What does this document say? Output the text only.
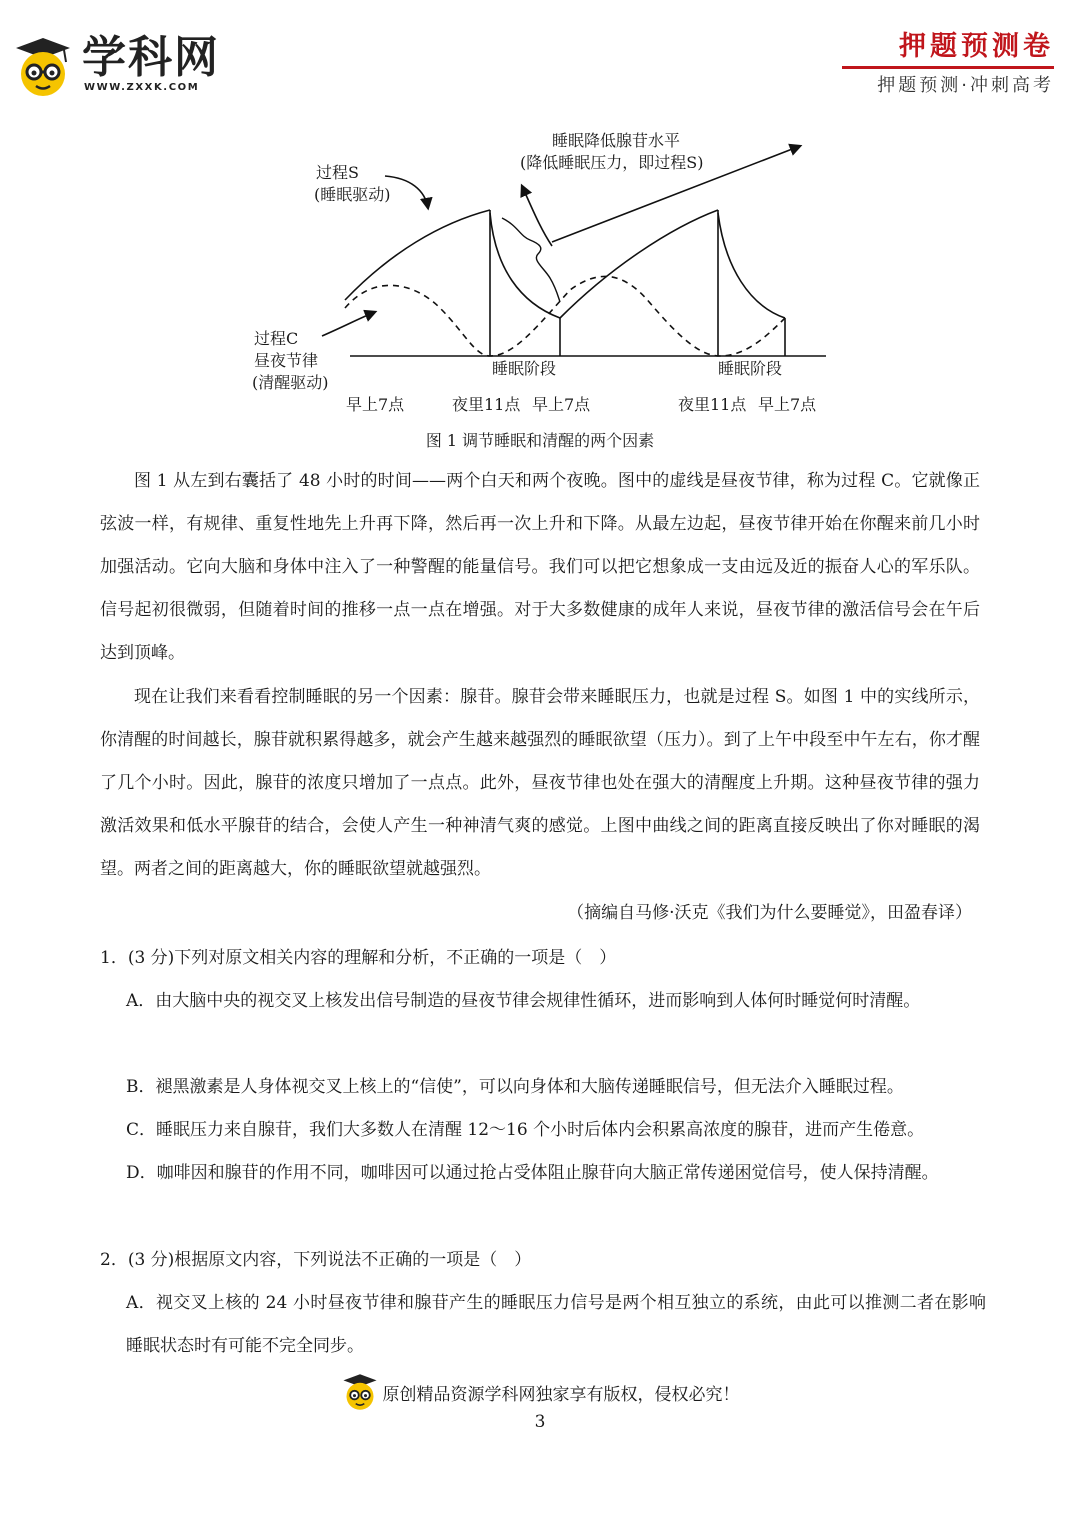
学科网
WWW.ZXXK.COM
押题预测卷
押题预测·冲刺高考
过程S
(睡眠驱动)
睡眠降低腺苷水平
(降低睡眠压力，即过程S)
过程C
昼夜节律
(清醒驱动)
睡眠阶段	睡眠阶段
早上7点	夜里11点 早上7点	夜里11点 早上7点
图 1 调节睡眠和清醒的两个因素
图 1 从左到右囊括了 48 小时的时间——两个白天和两个夜晚。图中的虚线是昼夜节律，称为过程 C。它就像正弦波一样，有规律、重复性地先上升再下降，然后再一次上升和下降。从最左边起，昼夜节律开始在你醒来前几小时加强活动。它向大脑和身体中注入了一种警醒的能量信号。我们可以把它想象成一支由远及近的振奋人心的军乐队。信号起初很微弱，但随着时间的推移一点一点在增强。对于大多数健康的成年人来说，昼夜节律的激活信号会在午后达到顶峰。
现在让我们来看看控制睡眠的另一个因素：腺苷。腺苷会带来睡眠压力，也就是过程 S。如图 1 中的实线所示，你清醒的时间越长，腺苷就积累得越多，就会产生越来越强烈的睡眠欲望（压力）。到了上午中段至中午左右，你才醒了几个小时。因此，腺苷的浓度只增加了一点点。此外，昼夜节律也处在强大的清醒度上升期。这种昼夜节律的强力激活效果和低水平腺苷的结合，会使人产生一种神清气爽的感觉。上图中曲线之间的距离直接反映出了你对睡眠的渴望。两者之间的距离越大，你的睡眠欲望就越强烈。
（摘编自马修·沃克《我们为什么要睡觉》，田盈春译）
1．(3 分)下列对原文相关内容的理解和分析，不正确的一项是（　）
A．由大脑中央的视交叉上核发出信号制造的昼夜节律会规律性循环，进而影响到人体何时睡觉何时清醒。
B．褪黑激素是人身体视交叉上核上的“信使”，可以向身体和大脑传递睡眠信号，但无法介入睡眠过程。
C．睡眠压力来自腺苷，我们大多数人在清醒 12～16 个小时后体内会积累高浓度的腺苷，进而产生倦意。
D．咖啡因和腺苷的作用不同，咖啡因可以通过抢占受体阻止腺苷向大脑正常传递困觉信号，使人保持清醒。
2．(3 分)根据原文内容，下列说法不正确的一项是（　）
A．视交叉上核的 24 小时昼夜节律和腺苷产生的睡眠压力信号是两个相互独立的系统，由此可以推测二者在影响睡眠状态时有可能不完全同步。
原创精品资源学科网独家享有版权，侵权必究！
3
